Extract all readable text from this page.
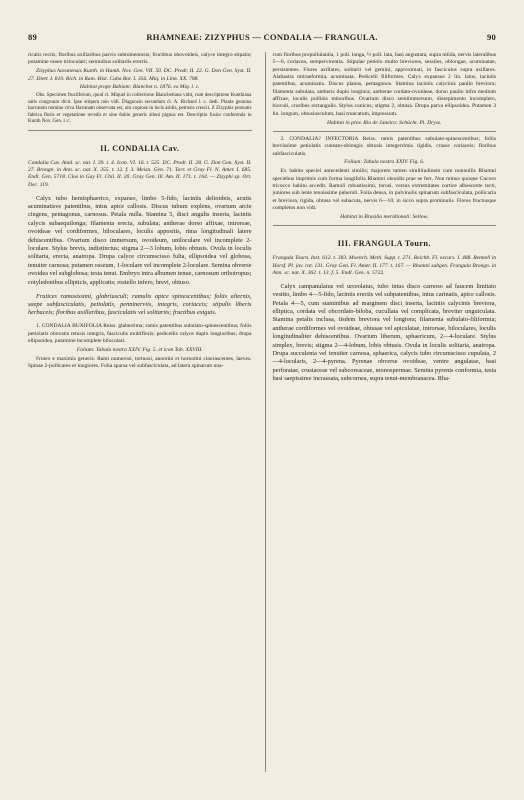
89	RHAMNEAE: ZIZYPHUS — CONDALIA — FRANGULA.	90

ricatis rectis; floribus axillaribus parvis subtomentosis; fructibus obovoideis, calyce integro stipatis; putamine osseo triloculari; seminibus solitariis erectis.

Zizyphus havanensis Kunth. in Humb. Nov. Gen. VII. 50. DC. Prodr. II. 22. G. Don Gen. Syst. II. 27. Dietr. I. 810. Rich. in Ram. Hist. Cuba Bot. I. 356. Miq. in Linn. XX. 798.

Habitat prope Bahiam: Blanchet n. 1876. ex Miq. l. c.

Obs. Specimen fructiferum, quod cl. Miquel in collectione Blanchetiana vidit, cum descriptione Kunthiana satis congruum dicit. Ipse stirpem non vidi. Diagnosin secundum cl. A. Richard l. c. dedi. Planta genuina baccatam nomine circa Havanam observata est, ubi copiose in locis aridis, petrosis crescit. Z Zizyphis pennatis fabrica floris et vegetatione recedit et sine dubio generis alieni pignus est. Descriptio fusior conferenda in Kunth Nov. Gen. l. c.

II. CONDALIA Cav.

Condalia Cav. Anal. sc. nat. I. 39. t. 4. Icon. VI. 16. t. 525. DC. Prodr. II. 28. G. Don Gen. Syst. II. 27. Brongn. in Ann. sc. nat. X. 355. t. 12. f. 3. Meisn. Gen. 71. Torr. et Gray Fl. N. Amer. I. 685. Endl. Gen. 5718. Clos in Gay Fl. Chil. II. 20. Gray Gen. Ill. Am. II. 171. t. 164. — Zizyphi sp. Ort. Dec. 119.

Calyx tubo hemisphaerico, expanso, limbo 5-fido, laciniis deltoideis, acutis acuminatisve patentibus, intus apice callosis. Discus tubum explens, ovarium arcte cingens, pentagonus, carnosus. Petala nulla. Stamina 5, disci angulis inserta, laciniis calycis subaequilonga; filamenta erecta, subulata; antherae dorso affixae, introrsae, ovoideae vel cordiformes, biloculares, loculis appositis, rima longitudinali latere dehiscentibus. Ovarium disco immersum, ovoideum, uniloculare vel incomplete 2-loculare. Stylus brevis, indistinctus; stigma 2—3 lobum, lobis obtusis. Ovula in loculis solitaria, erecta, anatropa. Drupa calyce circumscisso fulta, ellipsoidea vel globosa, tenuiter carnosa; putamen osseum, 1-loculare vel incomplete 2-loculare. Semina obverse ovoidea vel subglobosa; testa tenui. Embryo intra albumen tenue, carnosum orthotropus; cotyledonibus ellipticis, applicatis; rostello infero, brevi, obtuso.

Frutices ramosissimi, glabriusculi; ramulis apice spinescentibus; foliis alternis, saepe subfasciculatis, petiolatis, penninerviis, integris, coriaceis; stipulis liberis herbaceis; floribus axillaribus, fasciculatis vel solitariis; fructibus exiguis.

1. CONDALIA BUXIFOLIA Reiss. glaberrima; ramis patentibus subulato-spinescentibus; foliis petiolatis obovatis retusis integris, fasciculis multifloris; pedicellis calyce duplo longioribus; drupa ellipsoidea, putamine incomplete biloculari.

Folium: Tabula nostra XXIV. Fig. 5. et icon Tab. XXVIII.

Frutex e maximis generis. Rami numerosi, tortuosi, annotini et hornotini cinerascentes, laeves. Spinae 2-pollicares et longiores. Folia sparsa vel subfasciculata, ad latera spinarum una-

cum floribus propullulantia, 1 poll. longa, ½ poll. lata, basi angustata, supra nitida, nervis lateralibus 5—6, coriacea, sempervirentia. Stipulae petiolo multo breviores, sessiles, oblongae, acuminatae, persistentes. Flores axillares, solitarii vel gemini, approximati, in fasciculos supra axillares. Alabastra mitraeformia, acuminata. Pedicelli filiformes. Calyx expansus 2 lin. latus, laciniis patentibus, acuminatis. Discus planus, pentagonus. Stamina laciniis calycinis paullo breviora; filamenta subulata, antheris duplo longiora; antherae cordato-ovoideae, dorso paullo infra medium affixae, loculis pollinis minoribus. Ovarium disco semiimmersum, dissepimento incompleto, biovuli, cruribus rectangulis. Stylus conicus; stigma 2, obtusa. Drupa parva ellipsoidea. Putamen 3 lin. longum, obtusiusculum, basi truncatum, impressum.

Habitat in prov. Rio de Janeiro: Schücht. Pl. Dryss.

2. CONDALIA? INFECTORIA Reiss. ramis patentibus subulato-spinescentibus; foliis brevissime petiolatis cuneato-oblongis obtusis integerrimis rigidis, crasse coriaceis; floribus subfasciculatis.

Folium: Tabula nostra XXIV. Fig. 6.

Ex habitu speciei antecedenti similis; majorem tamen similitudinem cum nonnullis Rhamni speciebus imprimis cum forma longifolia Rhamni oleoidis prae se fert. Non minus quoque Cucoro tricocco habitu accedit. Ramuli robustissimi, torosi, versus extremitates cortice albescente tecti, juniores sub lente tenuissime puberuli. Folia densa, in pulvinulis spinarum subfasciculata, pollicaria et breviora, rigida, obtusa vel subacuta, nervis 6—10, in sicco supra prominulis. Flores fructusque completos non vidi.

Habitat in Brasilia meridionali: Sellow.

III. FRANGULA Tourn.

Frangula Tourn. Inst. 612. t. 383. Moench. Meth. Supp. t. 271. Reichb. Fl. excurs. I. 488. Rennell in Horsf. Pl. jav. rar. 131. Gray Gen. Fl. Amer. II. 177. t. 167. — Rhamni subgen. Frangula Brongn. in Ann. sc. nat. X. 362. t. 13. f. 5. Endl. Gen. n. 5722.

Calyx campanulatus vel urceolatus, tubo intus disco carnoso ad faucem limitato vestito, limbo 4—5-fido, laciniis erectis vel subpatentibus, intus carinatis, apice callosis. Petala 4—5, cum staminibus ad marginem disci inserta, laciniis calycinis breviora, elliptica, cordata vel obcordato-biloba, cucullata vel complicata, breviter unguiculata. Stamina petalis inclusa, iisdem breviora vel longiora; filamenta subulato-filiformia; antherae cordiformes vel ovoideae, obtusae vel apiculatae, introrsae, biloculares, loculis longitudinaliter dehiscentibus. Ovarium liberum, sphaericum, 2—4-loculare. Stylus simplex, brevis; stigma 2—4-lobum, lobis obtusis. Ovula in loculis solitaria, anatropa. Drupa succulenta vel tenuiter carnosa, sphaerica, calycis tubo circumscisso cupulata, 2—4-locularis, 2—4-pyrena. Pyrenae obverse ovoideae, ventre angulatae, basi perforatae, crustaceae vel subcoreaceae, monospermae. Semina pyrenis conformia, testa basi saepissime incrassata, subcornea, supra tenui-membranacea. Rha-
